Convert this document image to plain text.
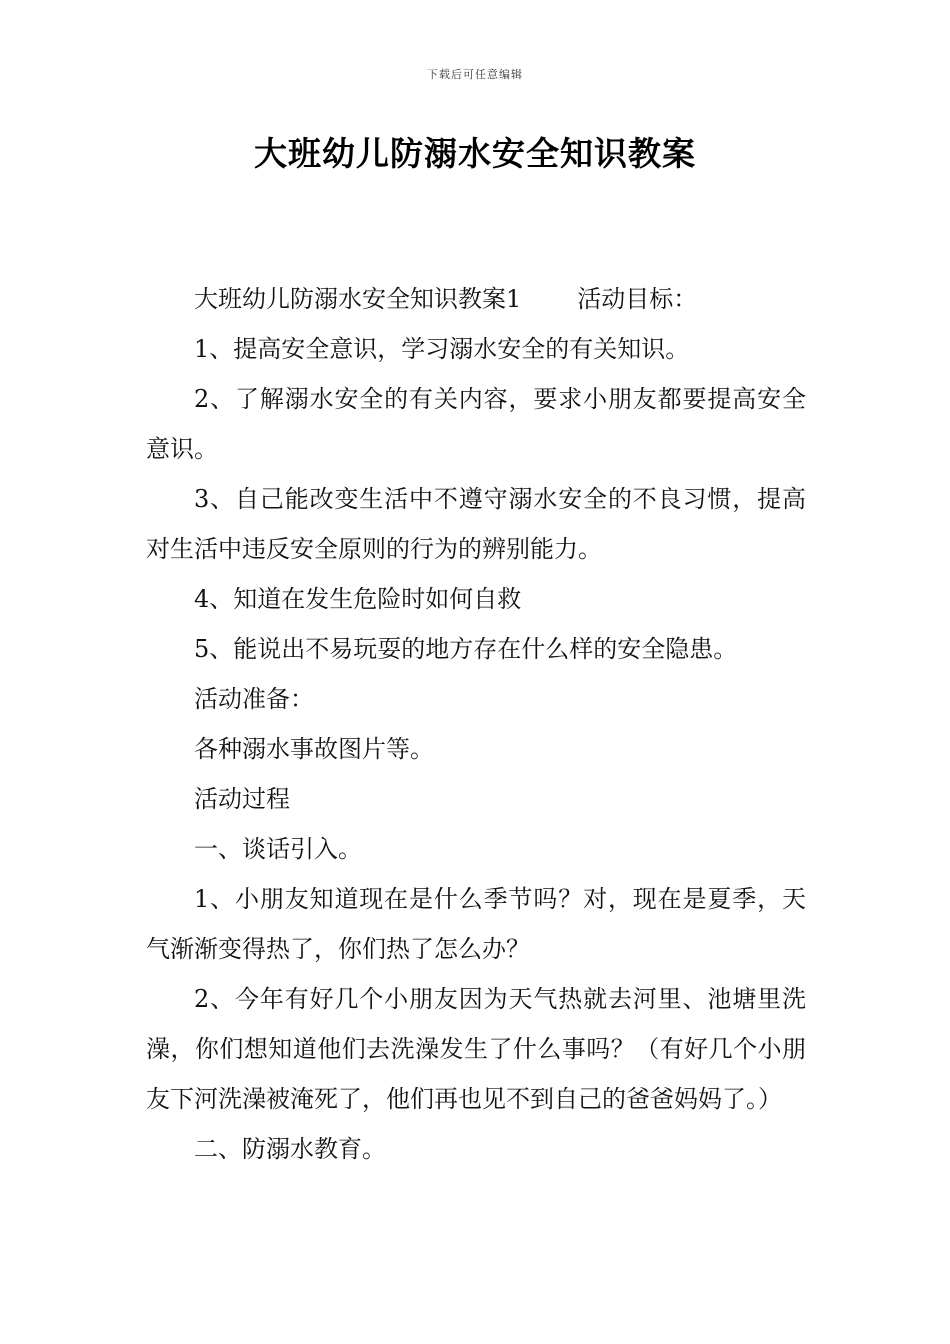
下载后可任意编辑
大班幼儿防溺水安全知识教案

大班幼儿防溺水安全知识教案1 活动目标：

1、提高安全意识，学习溺水安全的有关知识。

2、了解溺水安全的有关内容，要求小朋友都要提高安全意识。

3、自己能改变生活中不遵守溺水安全的不良习惯，提高对生活中违反安全原则的行为的辨别能力。

4、知道在发生危险时如何自救

5、能说出不易玩耍的地方存在什么样的安全隐患。

活动准备：

各种溺水事故图片等。

活动过程

一、谈话引入。

1、小朋友知道现在是什么季节吗？对，现在是夏季，天气渐渐变得热了，你们热了怎么办？

2、今年有好几个小朋友因为天气热就去河里、池塘里洗澡，你们想知道他们去洗澡发生了什么事吗？（有好几个小朋友下河洗澡被淹死了，他们再也见不到自己的爸爸妈妈了。）

二、防溺水教育。
